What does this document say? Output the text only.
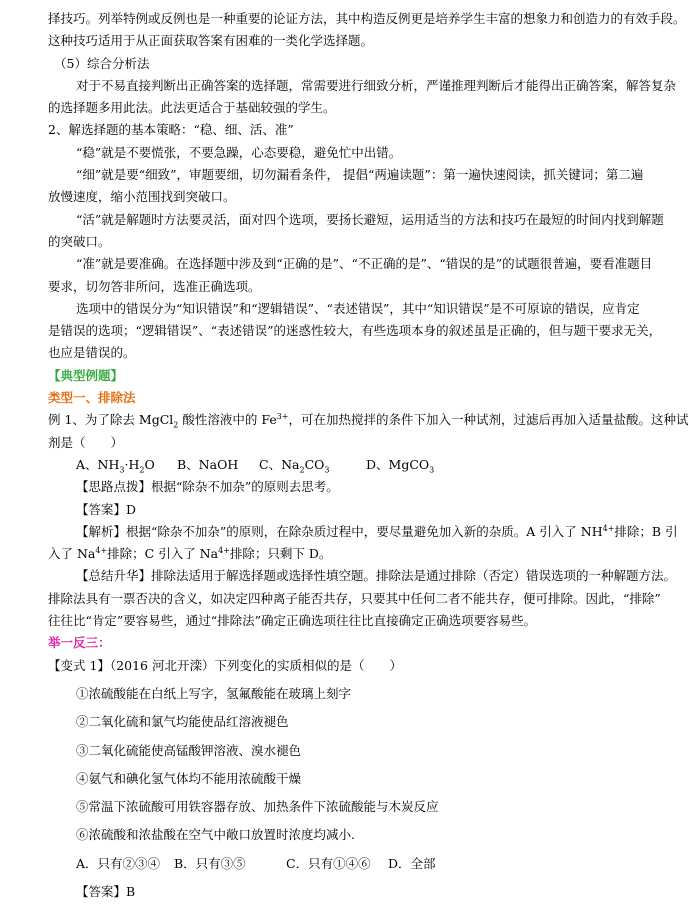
择技巧。列举特例或反例也是一种重要的论证方法，其中构造反例更是培养学生丰富的想象力和创造力的有效手段。
这种技巧适用于从正面获取答案有困难的一类化学选择题。
（5）综合分析法
对于不易直接判断出正确答案的选择题，常需要进行细致分析，严谨推理判断后才能得出正确答案，解答复杂
的选择题多用此法。此法更适合于基础较强的学生。
2、解选择题的基本策略：“稳、细、活、准”
“稳”就是不要慌张，不要急躁，心态要稳，避免忙中出错。
“细”就是要“细致”，审题要细，切勿漏看条件， 提倡“两遍读题”：第一遍快速阅读，抓关键词；第二遍
放慢速度，缩小范围找到突破口。
“活”就是解题时方法要灵活，面对四个选项，要扬长避短，运用适当的方法和技巧在最短的时间内找到解题
的突破口。
“准”就是要准确。在选择题中涉及到“正确的是”、“不正确的是”、“错误的是”的试题很普遍，要看准题目
要求，切勿答非所问，选准正确选项。
选项中的错误分为“知识错误”和“逻辑错误”、“表述错误”，其中“知识错误”是不可原谅的错误，应肯定
是错误的选项；“逻辑错误”、“表述错误”的迷惑性较大，有些选项本身的叙述虽是正确的，但与题干要求无关，
也应是错误的。
【典型例题】
类型一、排除法
例 1、为了除去 MgCl$_2$ 酸性溶液中的 $Fe^{3+}$，可在加热搅拌的条件下加入一种试剂，过滤后再加入适量盐酸。这种试
剂是（　　）
A、$NH_3\cdot H_2O$ B、NaOH C、$Na_2CO_3$	D、MgCO$_3$
【思路点拨】根据“除杂不加杂”的原则去思考。
【答案】D
【解析】根据“除杂不加杂”的原则，在除杂质过程中，要尽量避免加入新的杂质。A 引入了 $NH^{4+}$排除；B 引
入了 $Na^{4+}$排除；C 引入了 $Na^{4+}$排除；只剩下 D。
【总结升华】排除法适用于解选择题或选择性填空题。排除法是通过排除（否定）错误选项的一种解题方法。
排除法具有一票否决的含义，如决定四种离子能否共存，只要其中任何二者不能共存，便可排除。因此，“排除”
往往比“肯定”要容易些，通过“排除法”确定正确选项往往比直接确定正确选项要容易些。
举一反三：
【变式 1】（2016 河北开滦）下列变化的实质相似的是（　　）
①浓硫酸能在白纸上写字，氢氟酸能在玻璃上刻字
②二氧化硫和氯气均能使品红溶液褪色
③二氧化硫能使高锰酸钾溶液、溴水褪色
④氨气和碘化氢气体均不能用浓硫酸干燥
⑤常温下浓硫酸可用铁容器存放、加热条件下浓硫酸能与木炭反应
⑥浓硫酸和浓盐酸在空气中敞口放置时浓度均减小.
A．只有②③④ B．只有③⑤	C．只有①④⑥ D．全部
【答案】B
